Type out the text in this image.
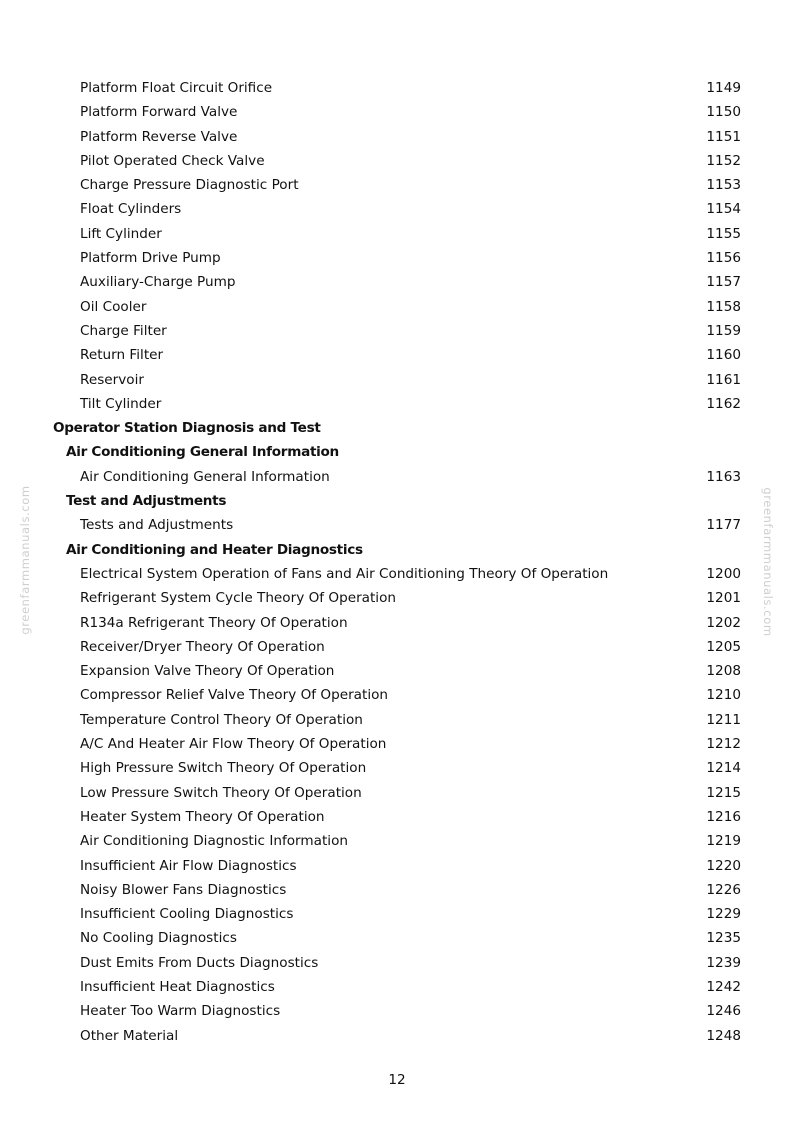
Platform Float Circuit Orifice	1149
Platform Forward Valve	1150
Platform Reverse Valve	1151
Pilot Operated Check Valve	1152
Charge Pressure Diagnostic Port	1153
Float Cylinders	1154
Lift Cylinder	1155
Platform Drive Pump	1156
Auxiliary-Charge Pump	1157
Oil Cooler	1158
Charge Filter	1159
Return Filter	1160
Reservoir	1161
Tilt Cylinder	1162
Operator Station Diagnosis and Test
Air Conditioning General Information
Air Conditioning General Information	1163
Test and Adjustments
Tests and Adjustments	1177
Air Conditioning and Heater Diagnostics
Electrical System Operation of Fans and Air Conditioning Theory Of Operation	1200
Refrigerant System Cycle Theory Of Operation	1201
R134a Refrigerant Theory Of Operation	1202
Receiver/Dryer Theory Of Operation	1205
Expansion Valve Theory Of Operation	1208
Compressor Relief Valve Theory Of Operation	1210
Temperature Control Theory Of Operation	1211
A/C And Heater Air Flow Theory Of Operation	1212
High Pressure Switch Theory Of Operation	1214
Low Pressure Switch Theory Of Operation	1215
Heater System Theory Of Operation	1216
Air Conditioning Diagnostic Information	1219
Insufficient Air Flow Diagnostics	1220
Noisy Blower Fans Diagnostics	1226
Insufficient Cooling Diagnostics	1229
No Cooling Diagnostics	1235
Dust Emits From Ducts Diagnostics	1239
Insufficient Heat Diagnostics	1242
Heater Too Warm Diagnostics	1246
Other Material	1248
greenfarmmanuals.com	greenfarmmanuals.com
12
